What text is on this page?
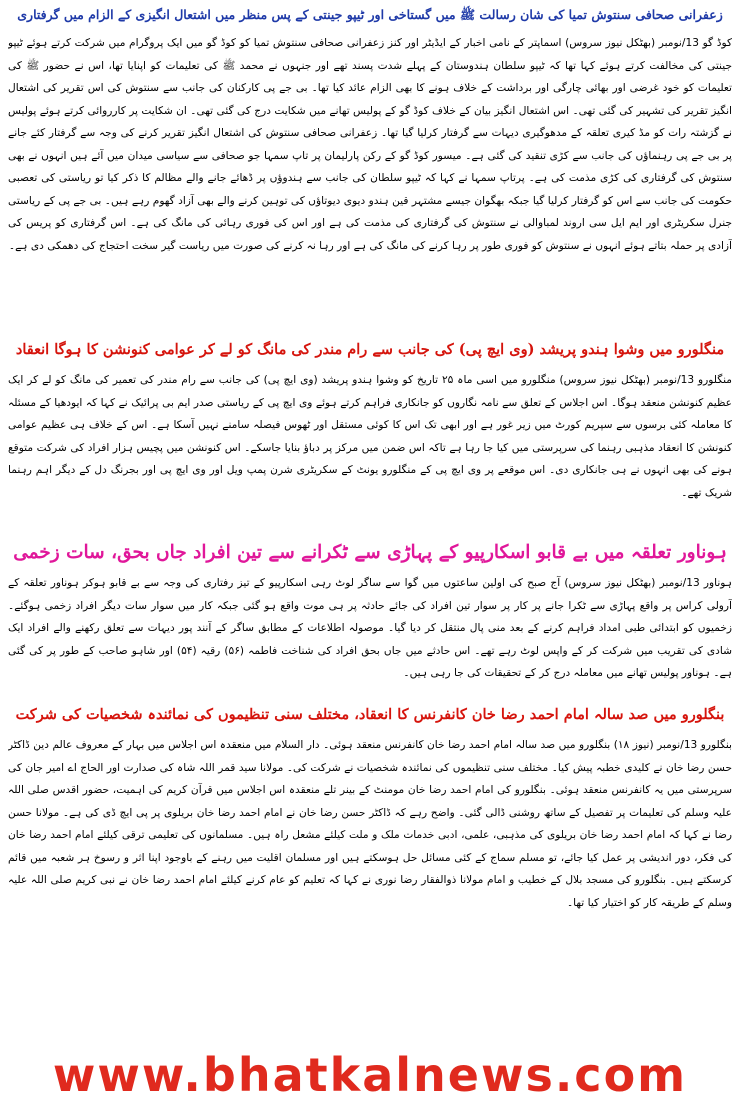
زعفرانی صحافی سنتوش تمیا کی شان رسالت ﷺ میں گستاخی اور ٹیپو جینتی کے پس منظر میں اشتعال انگیزی کے الزام میں گرفتاری

کوڈ گو 13/نومبر (بھٹکل نیوز سروس) اسماپتر کے نامی اخبار کے ایڈیٹر اور کنز زعفرانی صحافی سنتوش تمیا کو کوڈ گو میں ایک پروگرام میں شرکت کرتے ہوئے ٹیپو جینتی کی مخالفت کرتے ہوئے کہا تھا کہ ٹیپو سلطان ہندوستان کے پہلے شدت پسند تھے اور جنہوں نے محمد ﷺ کی تعلیمات کو اپنایا تھا، اس نے حضور ﷺ کی تعلیمات کو خود غرضی اور بھائی چارگی اور برداشت کے خلاف ہونے کا بھی الزام عائد کیا تھا۔ بی جے پی کارکنان کی جانب سے سنتوش کی اس تقریر کی اشتعال انگیز تقریر کی تشہیر کی گئی تھی۔ اس اشتعال انگیز بیان کے خلاف کوڈ گو کے پولیس تھانے میں شکایت درج کی گئی تھی۔ ان شکایت پر کارروائی کرتے ہوئے پولیس نے گزشتہ رات کو مڈ کیری تعلقہ کے مدھوگیری دیہات سے گرفتار کرلیا گیا تھا۔ زعفرانی صحافی سنتوش کی اشتعال انگیز تقریر کرنے کی وجہ سے گرفتار کئے جانے پر بی جے پی رہنماؤں کی جانب سے کڑی تنقید کی گئی ہے۔ میسور کوڈ گو کے رکن پارلیمان پر تاپ سمہا جو صحافی سے سیاسی میدان میں آئے ہیں انہوں نے بھی سنتوش کی گرفتاری کی کڑی مذمت کی ہے۔ پرتاپ سمہا نے کہا کہ ٹیپو سلطان کی جانب سے ہندوؤں پر ڈھائے جانے والے مظالم کا ذکر کیا تو ریاستی کی تعصبی حکومت کی جانب سے اس کو گرفتار کرلیا گیا جبکہ بھگوان جیسے مشتہر قین ہندو دیوی دیوتاؤں کی توہین کرنے والے بھی آزاد گھوم رہے ہیں۔ بی جے پی کے ریاستی جنرل سکریٹری اور ایم ایل سی اروند لمباوالی نے سنتوش کی گرفتاری کی مذمت کی ہے اور اس کی فوری رہائی کی مانگ کی ہے۔ اس گرفتاری کو پریس کی آزادی پر حملہ بتاتے ہوئے انہوں نے سنتوش کو فوری طور پر رہا کرنے کی مانگ کی ہے اور رہا نہ کرنے کی صورت میں ریاست گیر سخت احتجاج کی دھمکی دی ہے۔

منگلورو میں وشوا ہندو پریشد (وی ایچ پی) کی جانب سے رام مندر کی مانگ کو لے کر عوامی کنونشن کا ہوگا انعقاد

منگلورو 13/نومبر (بھٹکل نیوز سروس) منگلورو میں اسی ماہ ۲۵ تاریخ کو وشوا ہندو پریشد (وی ایچ پی) کی جانب سے رام مندر کی تعمیر کی مانگ کو لے کر ایک عظیم کنونشن منعقد ہوگا۔ اس اجلاس کے تعلق سے نامہ نگاروں کو جانکاری فراہم کرتے ہوئے وی ایچ پی کے ریاستی صدر ایم بی پرائیک نے کہا کہ ایودھیا کے مسئلہ کا معاملہ کئی برسوں سے سپریم کورٹ میں زیر غور ہے اور ابھی تک اس کا کوئی مستقل اور ٹھوس فیصلہ سامنے نہیں آسکا ہے۔ اس کے خلاف ہی عظیم عوامی کنونشن کا انعقاد مذہبی رہنما کی سرپرستی میں کیا جا رہا ہے تاکہ اس ضمن میں مرکز پر دباؤ بنایا جاسکے۔ اس کنونشن میں پچیس ہزار افراد کی شرکت متوقع ہونے کی بھی انہوں نے ہی جانکاری دی۔ اس موقعے پر وی ایچ پی کے منگلورو یونٹ کے سکریٹری شرن پمپ ویل اور وی ایچ پی اور بجرنگ دل کے دیگر اہم رہنما شریک تھے۔

ہوناور تعلقہ میں بے قابو اسکارپیو کے پہاڑی سے ٹکرانے سے تین افراد جاں بحق، سات زخمی

ہوناور 13/نومبر (بھٹکل نیوز سروس) آج صبح کی اولین ساعتوں میں گوا سے ساگر لوٹ رہی اسکارپیو کے تیز رفتاری کی وجہ سے بے قابو ہوکر ہوناور تعلقہ کے آرولی کراس پر واقع پہاڑی سے ٹکرا جانے پر کار پر سوار تین افراد کی جائے حادثہ پر ہی موت واقع ہو گئی جبکہ کار میں سوار سات دیگر افراد زخمی ہوگئے۔ زخمیوں کو ابتدائی طبی امداد فراہم کرنے کے بعد منی پال منتقل کر دیا گیا۔ موصولہ اطلاعات کے مطابق ساگر کے آنند پور دیہات سے تعلق رکھنے والے افراد ایک شادی کی تقریب میں شرکت کر کے واپس لوٹ رہے تھے۔ اس حادثے میں جاں بحق افراد کی شناخت فاطمہ (۵۶) رقیہ (۵۴) اور شاہو صاحب کے طور پر کی گئی ہے۔ ہوناور پولیس تھانے میں معاملہ درج کر کے تحقیقات کی جا رہی ہیں۔

بنگلورو میں صد سالہ امام احمد رضا خان کانفرنس کا انعقاد، مختلف سنی تنظیموں کی نمائندہ شخصیات کی شرکت

بنگلورو 13/نومبر (نیوز ۱۸) بنگلورو میں صد سالہ امام احمد رضا خان کانفرنس منعقد ہوئی۔ دار السلام میں منعقدہ اس اجلاس میں بہار کے معروف عالم دین ڈاکٹر حسن رضا خان نے کلیدی خطبہ پیش کیا۔ مختلف سنی تنظیموں کی نمائندہ شخصیات نے شرکت کی۔ مولانا سید قمر اللہ شاہ کی صدارت اور الحاج اے امیر جان کی سرپرستی میں یہ کانفرنس منعقد ہوئی۔ بنگلورو کی امام احمد رضا خان مومنٹ کے بینر تلے منعقدہ اس اجلاس میں قرآن کریم کی اہمیت، حضور اقدس صلی اللہ علیہ وسلم کی تعلیمات پر تفصیل کے ساتھ روشنی ڈالی گئی۔ واضح رہے کہ ڈاکٹر حسن رضا خان نے امام احمد رضا خان بریلوی پر پی ایچ ڈی کی ہے۔ مولانا حسن رضا نے کہا کہ امام احمد رضا خان بریلوی کی مذہبی، علمی، ادبی خدمات ملک و ملت کیلئے مشعل راہ ہیں۔ مسلمانوں کی تعلیمی ترقی کیلئے امام احمد رضا خان کی فکر، دور اندیشی پر عمل کیا جائے، تو مسلم سماج کے کئی مسائل حل ہوسکتے ہیں اور مسلمان اقلیت میں رہنے کے باوجود اپنا اثر و رسوخ ہر شعبہ میں قائم کرسکتے ہیں۔ بنگلورو کی مسجد بلال کے خطیب و امام مولانا ذوالفقار رضا نوری نے کہا کہ تعلیم کو عام کرنے کیلئے امام احمد رضا خان نے نبی کریم صلی اللہ علیہ وسلم کے طریقہ کار کو اختیار کیا تھا۔

www.bhatkalnews.com
